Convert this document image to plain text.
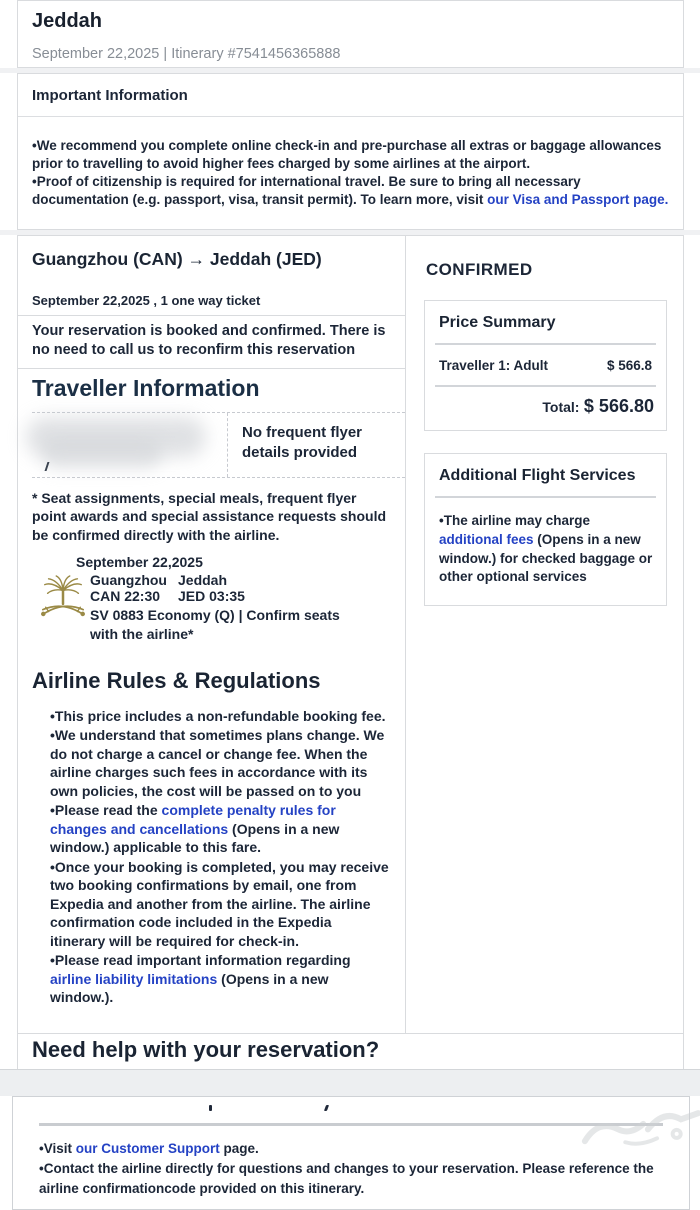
Jeddah
September 22,2025 | Itinerary #7541456365888
Important Information
• We recommend you complete online check-in and pre-purchase all extras or baggage allowances prior to travelling to avoid higher fees charged by some airlines at the airport.
• Proof of citizenship is required for international travel. Be sure to bring all necessary documentation (e.g. passport, visa, transit permit). To learn more, visit our Visa and Passport page.
Guangzhou (CAN) → Jeddah (JED)
September 22,2025 , 1 one way ticket
Your reservation is booked and confirmed. There is no need to call us to reconfirm this reservation
Traveller Information
No frequent flyer details provided
* Seat assignments, special meals, frequent flyer point awards and special assistance requests should be confirmed directly with the airline.
September 22,2025
Guangzhou Jeddah
CAN 22:30	JED 03:35
SV 0883 Economy (Q) | Confirm seats with the airline*
Airline Rules & Regulations
• This price includes a non-refundable booking fee.
• We understand that sometimes plans change. We do not charge a cancel or change fee. When the airline charges such fees in accordance with its own policies, the cost will be passed on to you
• Please read the complete penalty rules for changes and cancellations (Opens in a new window.) applicable to this fare.
• Once your booking is completed, you may receive two booking confirmations by email, one from Expedia and another from the airline. The airline confirmation code included in the Expedia itinerary will be required for check-in.
• Please read important information regarding airline liability limitations (Opens in a new window.).
CONFIRMED
Price Summary
Traveller 1: Adult	$ 566.8
Total: $ 566.80
Additional Flight Services
• The airline may charge additional fees (Opens in a new window.) for checked baggage or other optional services
Need help with your reservation?
• Visit our Customer Support page.
• Contact the airline directly for questions and changes to your reservation. Please reference the airline confirmationcode provided on this itinerary.
